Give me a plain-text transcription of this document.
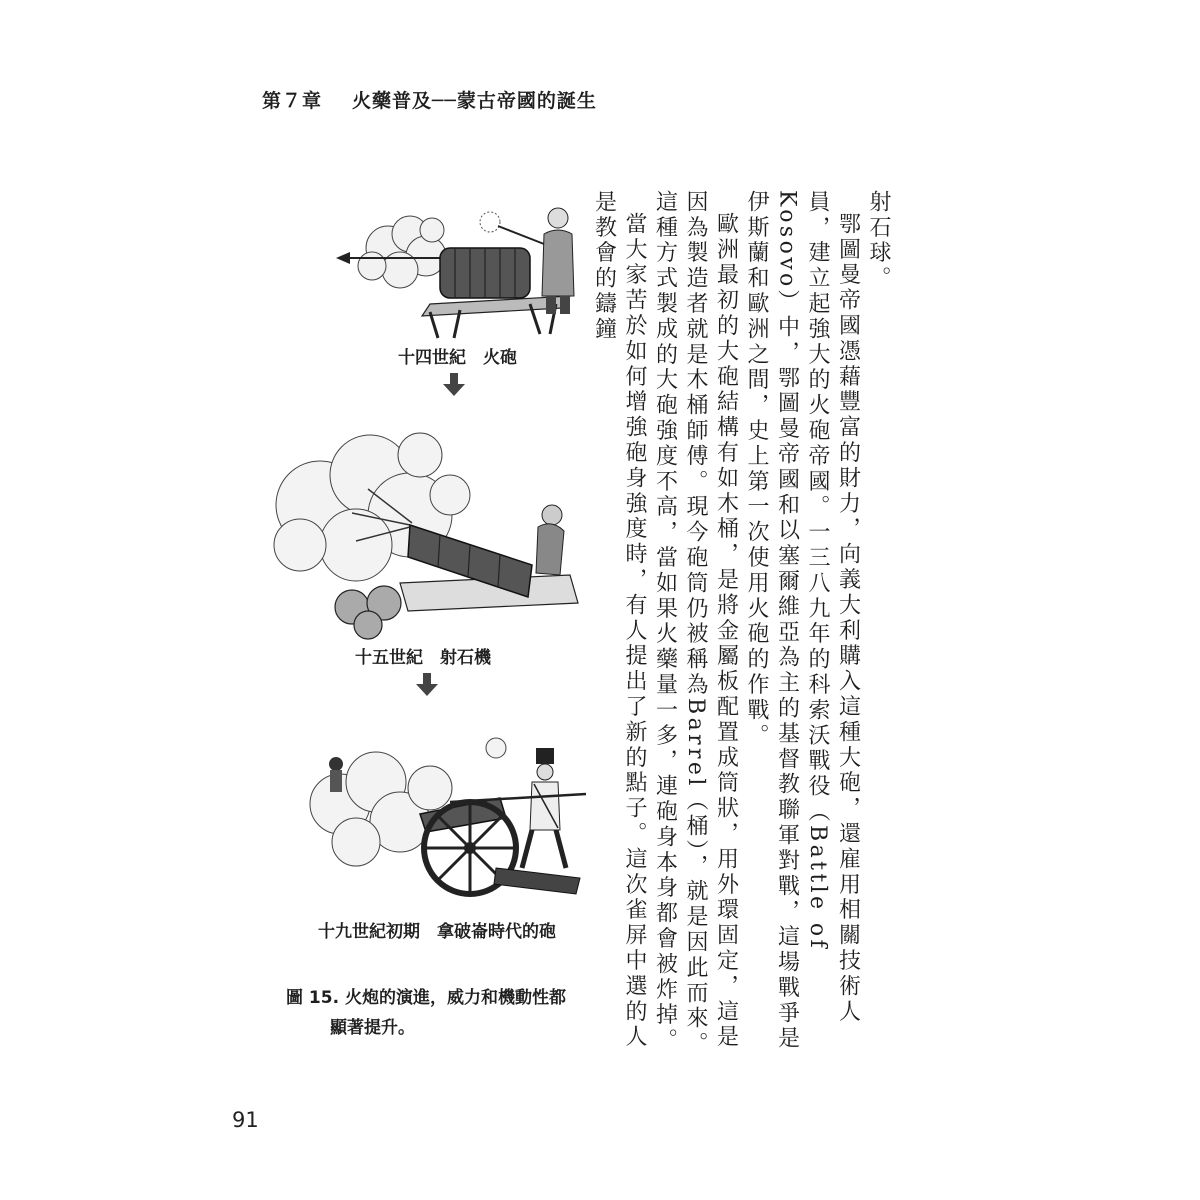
第７章 火藥普及──蒙古帝國的誕生
十四世紀　火砲
十五世紀　射石機
十九世紀初期　拿破崙時代的砲
圖 15. 火炮的演進，威力和機動性都
顯著提升。

射石球。

鄂圖曼帝國憑藉豐富的財力，向義大利購入這種大砲，還雇用相關技術人員，建立起強大的火砲帝國。一三八九年的科索沃戰役（Battle of Kosovo）中，鄂圖曼帝國和以塞爾維亞為主的基督教聯軍對戰，這場戰爭是伊斯蘭和歐洲之間，史上第一次使用火砲的作戰。

歐洲最初的大砲結構有如木桶，是將金屬板配置成筒狀，用外環固定，這是因為製造者就是木桶師傅。現今砲筒仍被稱為Barrel（桶），就是因此而來。這種方式製成的大砲強度不高，當如果火藥量一多，連砲身本身都會被炸掉。

當大家苦於如何增強砲身強度時，有人提出了新的點子。這次雀屏中選的人是教會的鑄鐘

91
